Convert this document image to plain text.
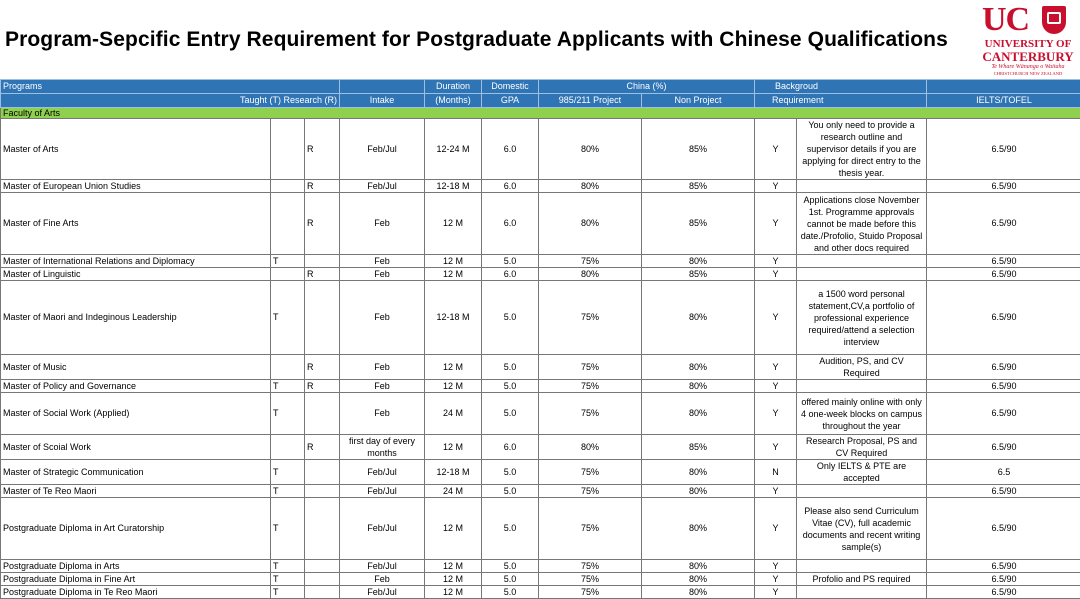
Program-Sepcific Entry Requirement for Postgraduate Applicants with Chinese Qualifications
UC
UNIVERSITY OF
CANTERBURY
Te Whare Wānanga o Waitaha
CHRISTCHURCH NEW ZEALAND
Programs				Duration	Domestic	China (%)		Backgroud		
Taught (T) Research (R)			Intake	(Months)	GPA	985/211 Project	Non Project	Requirement		IELTS/TOFEL
Faculty of Arts										
Master of Arts		R	Feb/Jul	12-24 M	6.0	80%	85%	Y	You only need to provide a research outline and supervisor details if you are applying for direct entry to the thesis year.	6.5/90
Master of European Union Studies		R	Feb/Jul	12-18 M	6.0	80%	85%	Y		6.5/90
Master of Fine Arts		R	Feb	12 M	6.0	80%	85%	Y	Applications close November 1st. Programme approvals cannot be made before this date./Profolio, Stuido Proposal and other docs required	6.5/90
Master of International Relations and Diplomacy	T		Feb	12 M	5.0	75%	80%	Y		6.5/90
Master of Linguistic		R	Feb	12 M	6.0	80%	85%	Y		6.5/90
Master of Maori and Indeginous Leadership	T		Feb	12-18 M	5.0	75%	80%	Y	a 1500 word personal statement,CV,a portfolio of professional experience required/attend a selection interview	6.5/90
Master of Music		R	Feb	12 M	5.0	75%	80%	Y	Audition, PS, and CV Required	6.5/90
Master of Policy and Governance	T	R	Feb	12 M	5.0	75%	80%	Y		6.5/90
Master of Social Work (Applied)	T		Feb	24 M	5.0	75%	80%	Y	offered mainly online with only 4 one-week blocks on campus throughout the year	6.5/90
Master of Scoial Work		R	first day of every months	12 M	6.0	80%	85%	Y	Research Proposal, PS and CV Required	6.5/90
Master of Strategic Communication	T		Feb/Jul	12-18 M	5.0	75%	80%	N	Only IELTS & PTE are accepted	6.5
Master of Te Reo Maori	T		Feb/Jul	24 M	5.0	75%	80%	Y		6.5/90
Postgraduate Diploma in Art Curatorship	T		Feb/Jul	12 M	5.0	75%	80%	Y	Please also send Curriculum Vitae (CV), full academic documents and recent writing sample(s)	6.5/90
Postgraduate Diploma in Arts	T		Feb/Jul	12 M	5.0	75%	80%	Y		6.5/90
Postgraduate Diploma in Fine Art	T		Feb	12 M	5.0	75%	80%	Y	Profolio and PS required	6.5/90
Postgraduate Diploma in Te Reo Maori	T		Feb/Jul	12 M	5.0	75%	80%	Y		6.5/90
